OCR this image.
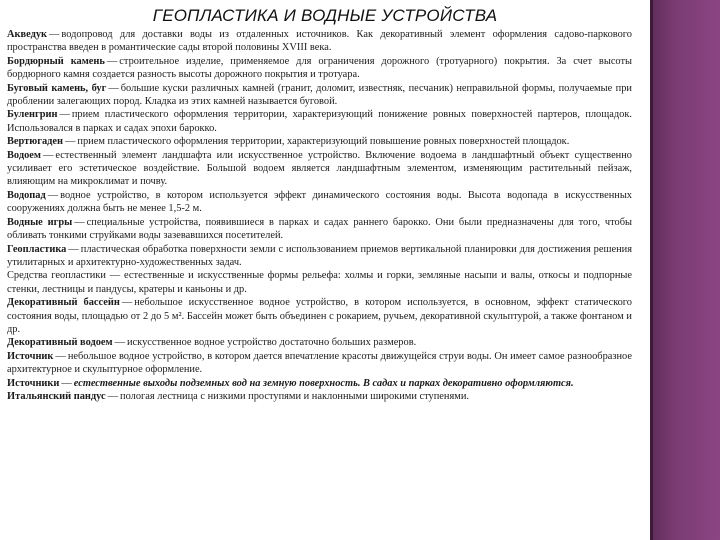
ГЕОПЛАСТИКА И ВОДНЫЕ УСТРОЙСТВА

Акведук — водопровод для доставки воды из отдаленных источников. Как декоративный элемент оформления садово-паркового пространства введен в романтические сады второй половины XVIII века.

Бордюрный камень — строительное изделие, применяемое для ограничения дорожного (тротуарного) покрытия. За счет высоты бордюрного камня создается разность высоты дорожного покрытия и тротуара.

Буговый камень, буг — большие куски различных камней (гранит, доломит, известняк, песчаник) неправильной формы, получаемые при дроблении залегающих пород. Кладка из этих камней называется буговой.

Буленгрин — прием пластического оформления территории, характеризующий понижение ровных поверхностей партеров, площадок. Использовался в парках и садах эпохи барокко.

Вертюгаден — прием пластического оформления территории, характеризующий повышение ровных поверхностей площадок.

Водоем — естественный элемент ландшафта или искусственное устройство. Включение водоема в ландшафтный объект существенно усиливает его эстетическое воздействие. Большой водоем является ландшафтным элементом, изменяющим растительный пейзаж, влияющим на микроклимат и почву.

Водопад — водное устройство, в котором используется эффект динамического состояния воды. Высота водопада в искусственных сооружениях должна быть не менее 1,5-2 м.

Водные игры — специальные устройства, появившиеся в парках и садах раннего барокко. Они были предназначены для того, чтобы обливать тонкими струйками воды зазевавшихся посетителей.

Геопластика — пластическая обработка поверхности земли с использованием приемов вертикальной планировки для достижения решения утилитарных и архитектурно-художественных задач.

Средства геопластики — естественные и искусственные формы рельефа: холмы и горки, земляные насыпи и валы, откосы и подпорные стенки, лестницы и пандусы, кратеры и каньоны и др.

Декоративный бассейн — небольшое искусственное водное устройство, в котором используется, в основном, эффект статического состояния воды, площадью от 2 до 5 м². Бассейн может быть объединен с рокарием, ручьем, декоративной скульптурой, а также фонтаном и др.

Декоративный водоем — искусственное водное устройство достаточно больших размеров.

Источник — небольшое водное устройство, в котором дается впечатление красоты движущейся струи воды. Он имеет самое разнообразное архитектурное и скульптурное оформление.

Источники — естественные выходы подземных вод на земную поверхность. В садах и парках декоративно оформляются.

Итальянский пандус — пологая лестница с низкими проступями и наклонными широкими ступенями.
